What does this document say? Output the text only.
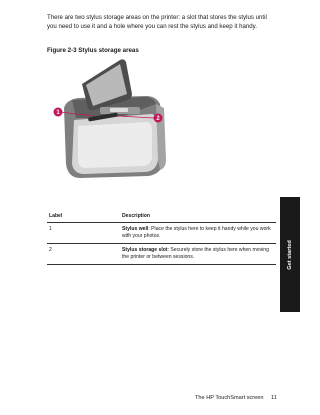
There are two stylus storage areas on the printer: a slot that stores the stylus until you need to use it and a hole where you can rest the stylus and keep it handy.

Figure 2-3 Stylus storage areas
1
2
Label	Description
1	Stylus well: Place the stylus here to keep it handy while you work with your photos.
2	Stylus storage slot: Securely store the stylus here when moving the printer or between sessions.	Get started
The HP TouchSmart screen 11
